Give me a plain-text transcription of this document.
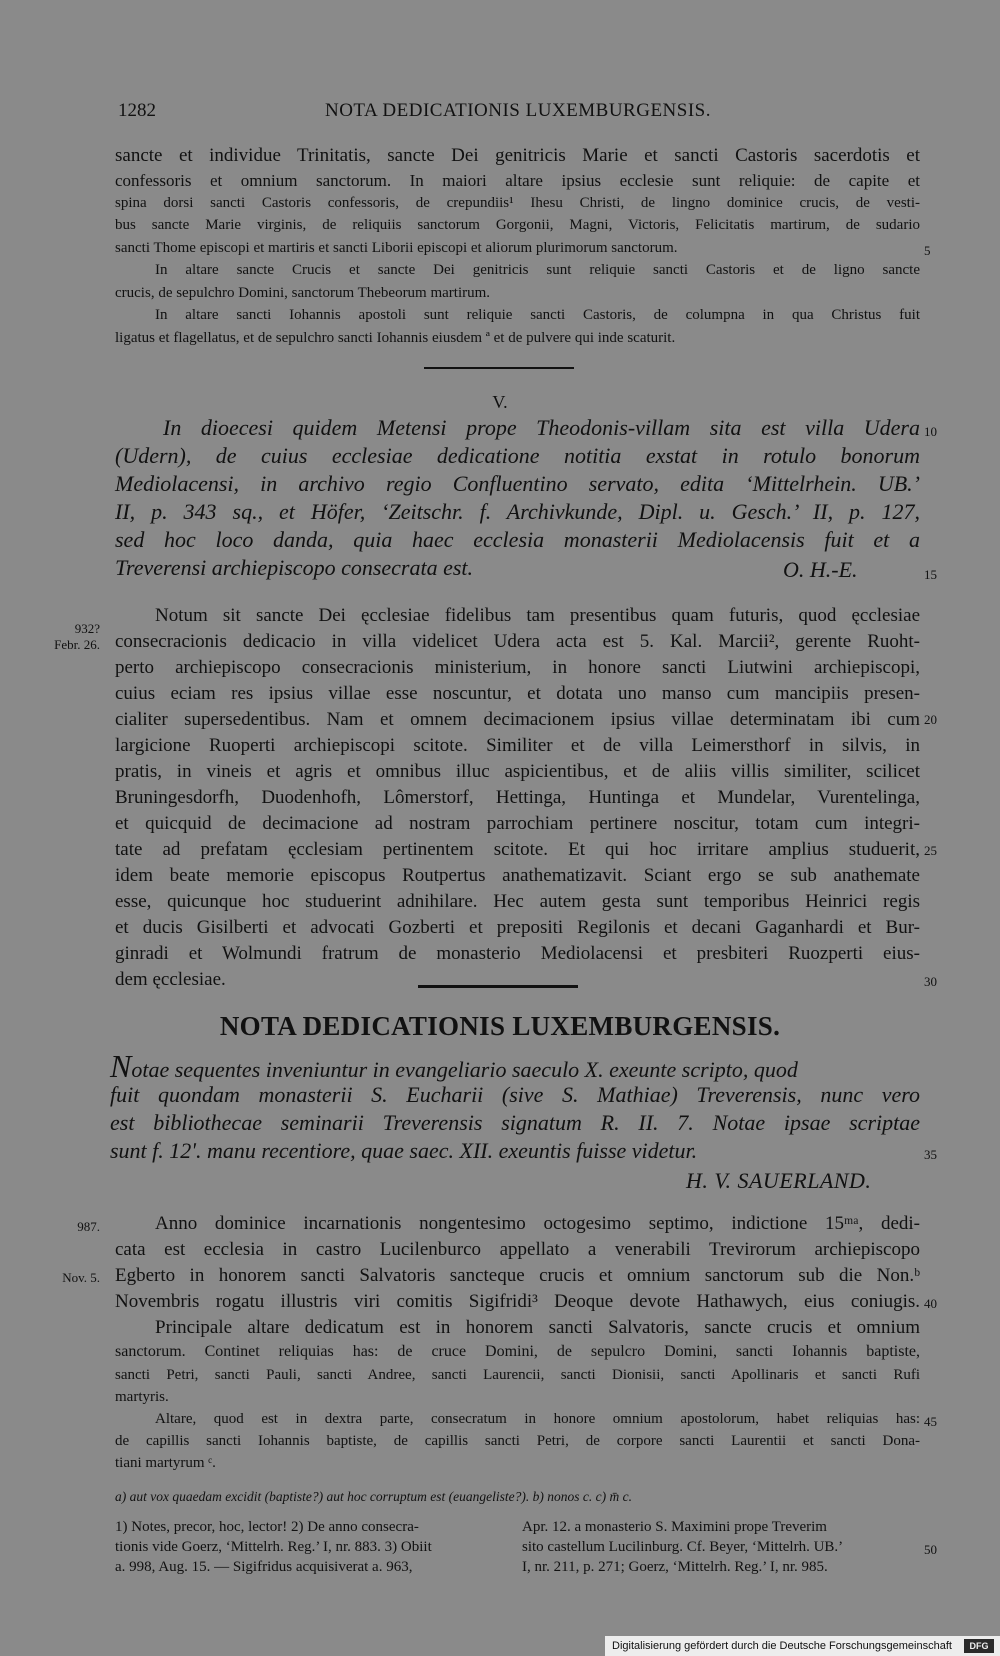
1282	NOTA DEDICATIONIS LUXEMBURGENSIS.
sancte et individue Trinitatis, sancte Dei genitricis Marie et sancti Castoris sacerdotis et
confessoris et omnium sanctorum. In maiori altare ipsius ecclesie sunt reliquie: de capite et
spina dorsi sancti Castoris confessoris, de crepundiis¹ Ihesu Christi, de lingno dominice crucis, de vesti-
bus sancte Marie virginis, de reliquiis sanctorum Gorgonii, Magni, Victoris, Felicitatis martirum, de sudario
sancti Thome episcopi et martiris et sancti Liborii episcopi et aliorum plurimorum sanctorum.
In altare sancte Crucis et sancte Dei genitricis sunt reliquie sancti Castoris et de ligno sancte
crucis, de sepulchro Domini, sanctorum Thebeorum martirum.
In altare sancti Iohannis apostoli sunt reliquie sancti Castoris, de columpna in qua Christus fuit
ligatus et flagellatus, et de sepulchro sancti Iohannis eiusdem ª et de pulvere qui inde scaturit.
5
V.
In dioecesi quidem Metensi prope Theodonis-villam sita est villa Udera
(Udern), de cuius ecclesiae dedicatione notitia exstat in rotulo bonorum
Mediolacensi, in archivo regio Confluentino servato, edita ‘Mittelrhein. UB.’
II, p. 343 sq., et Höfer, ‘Zeitschr. f. Archivkunde, Dipl. u. Gesch.’ II, p. 127,
sed hoc loco danda, quia haec ecclesia monasterii Mediolacensis fuit et a
Treverensi archiepiscopo consecrata est.	O. H.-E.
10
15
932?
Febr. 26.
Notum sit sancte Dei ęcclesiae fidelibus tam presentibus quam futuris, quod ęcclesiae
consecracionis dedicacio in villa videlicet Udera acta est 5. Kal. Marcii², gerente Ruoht-
perto archiepiscopo consecracionis ministerium, in honore sancti Liutwini archiepiscopi,
cuius eciam res ipsius villae esse noscuntur, et dotata uno manso cum mancipiis presen-
cialiter supersedentibus. Nam et omnem decimacionem ipsius villae determinatam ibi cum
largicione Ruoperti archiepiscopi scitote. Similiter et de villa Leimersthorf in silvis, in
pratis, in vineis et agris et omnibus illuc aspicientibus, et de aliis villis similiter, scilicet
Bruningesdorfh, Duodenhofh, Lômerstorf, Hettinga, Huntinga et Mundelar, Vurentelinga,
et quicquid de decimacione ad nostram parrochiam pertinere noscitur, totam cum integri-
tate ad prefatam ęcclesiam pertinentem scitote. Et qui hoc irritare amplius studuerit,
idem beate memorie episcopus Routpertus anathematizavit. Sciant ergo se sub anathemate
esse, quicunque hoc studuerint adnihilare. Hec autem gesta sunt temporibus Heinrici regis
et ducis Gisilberti et advocati Gozberti et prepositi Regilonis et decani Gaganhardi et Bur-
ginradi et Wolmundi fratrum de monasterio Mediolacensi et presbiteri Ruozperti eius-
dem ęcclesiae.
20
25
30
NOTA DEDICATIONIS LUXEMBURGENSIS.
Notae sequentes inveniuntur in evangeliario saeculo X. exeunte scripto, quod
fuit quondam monasterii S. Eucharii (sive S. Mathiae) Treverensis, nunc vero
est bibliothecae seminarii Treverensis signatum R. II. 7. Notae ipsae scriptae
sunt f. 12ʹ. manu recentiore, quae saec. XII. exeuntis fuisse videtur.
H. V. SAUERLAND.
35
987.
Nov. 5.
Anno dominice incarnationis nongentesimo octogesimo septimo, indictione 15ᵐᵃ, dedi-
cata est ecclesia in castro Lucilenburco appellato a venerabili Trevirorum archiepiscopo
Egberto in honorem sancti Salvatoris sancteque crucis et omnium sanctorum sub die Non.ᵇ
Novembris rogatu illustris viri comitis Sigifridi³ Deoque devote Hathawych, eius coniugis.
Principale altare dedicatum est in honorem sancti Salvatoris, sancte crucis et omnium
sanctorum. Continet reliquias has: de cruce Domini, de sepulcro Domini, sancti Iohannis baptiste,
sancti Petri, sancti Pauli, sancti Andree, sancti Laurencii, sancti Dionisii, sancti Apollinaris et sancti Rufi
martyris.
Altare, quod est in dextra parte, consecratum in honore omnium apostolorum, habet reliquias has:
de capillis sancti Iohannis baptiste, de capillis sancti Petri, de corpore sancti Laurentii et sancti Dona-
tiani martyrum ᶜ.
40
45
a) aut vox quaedam excidit (baptiste?) aut hoc corruptum est (euangeliste?). b) nonos c. c) m̄ c.
1) Notes, precor, hoc, lector! 2) De anno consecra-
tionis vide Goerz, ‘Mittelrh. Reg.’ I, nr. 883. 3) Obiit
a. 998, Aug. 15. — Sigifridus acquisiverat a. 963,
Apr. 12. a monasterio S. Maximini prope Treverim
sito castellum Lucilinburg. Cf. Beyer, ‘Mittelrh. UB.’
I, nr. 211, p. 271; Goerz, ‘Mittelrh. Reg.’ I, nr. 985.
50
Digitalisierung gefördert durch die Deutsche Forschungsgemeinschaft	DFG
